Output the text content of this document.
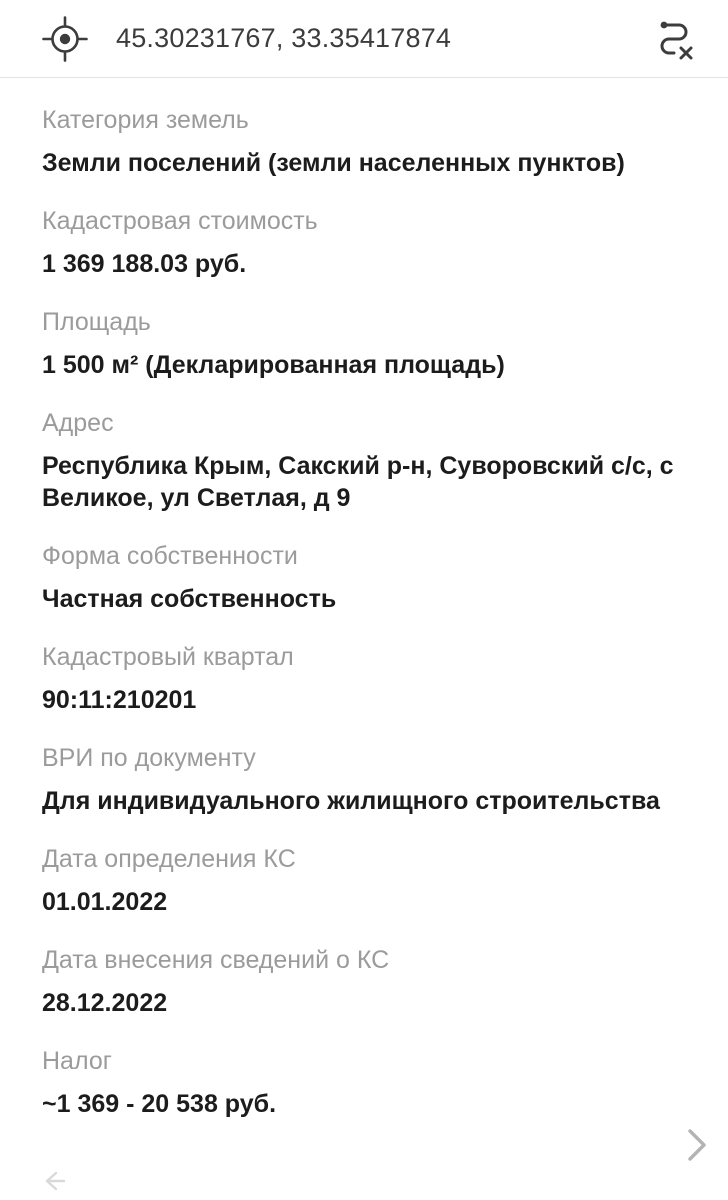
45.30231767, 33.35417874
Категория земель
Земли поселений (земли населенных пунктов)
Кадастровая стоимость
1 369 188.03 руб.
Площадь
1 500 м² (Декларированная площадь)
Адрес
Республика Крым, Сакский р-н, Суворовский с/с, с Великое, ул Светлая, д 9
Форма собственности
Частная собственность
Кадастровый квартал
90:11:210201
ВРИ по документу
Для индивидуального жилищного строительства
Дата определения КС
01.01.2022
Дата внесения сведений о КС
28.12.2022
Налог
~1 369 - 20 538 руб.
